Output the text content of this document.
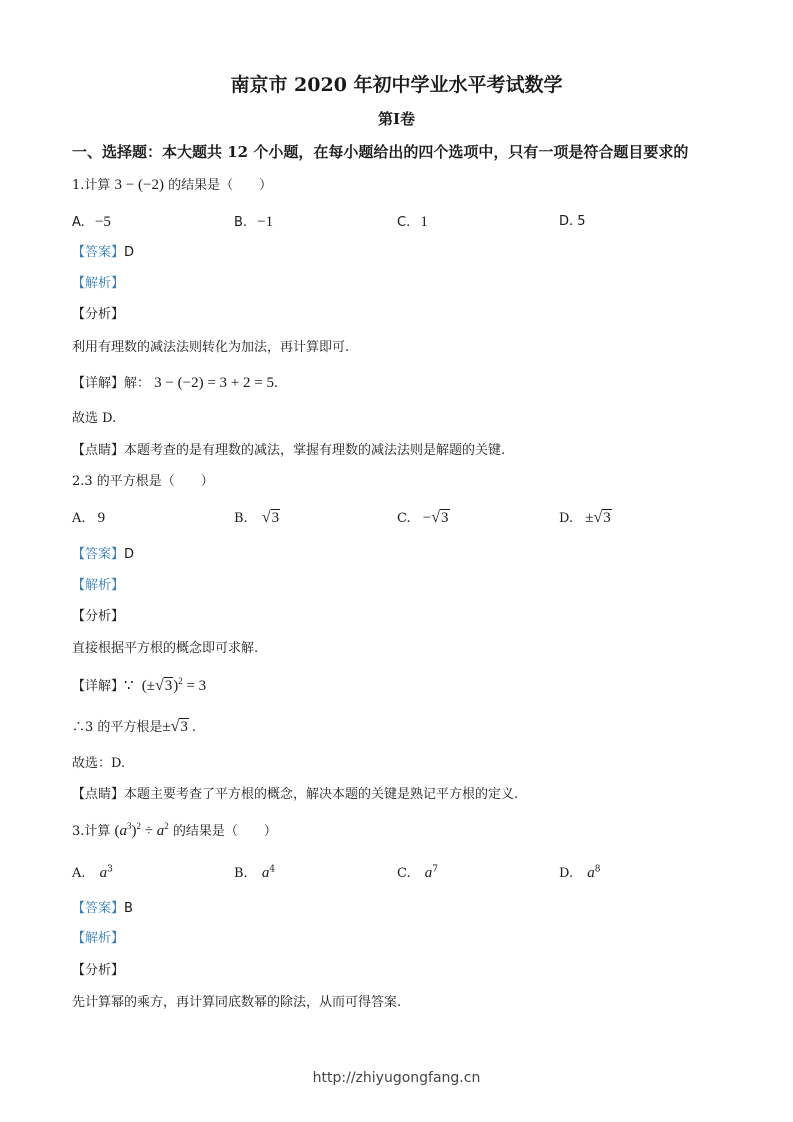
南京市 2020 年初中学业水平考试数学
第Ⅰ卷
一、选择题：本大题共 12 个小题，在每小题给出的四个选项中，只有一项是符合题目要求的
1.计算 3 − (−2) 的结果是（　　）
A. −5	B. −1	C. 1	D. 5
【答案】D
【解析】
【分析】
利用有理数的减法法则转化为加法，再计算即可.
【详解】解： 3 − (−2) = 3 + 2 = 5.
故选 D.
【点睛】本题考查的是有理数的减法，掌握有理数的减法法则是解题的关键.
2.3 的平方根是（　　）
A. 9	B. √3	C. −√3	D. ±√3
【答案】D
【解析】
【分析】
直接根据平方根的概念即可求解.
【详解】∵ $(\pm√3)^2 = 3$
∴3 的平方根是±√3 .
故选：D.
【点睛】本题主要考查了平方根的概念，解决本题的关键是熟记平方根的定义.
3.计算 $(a^3)^2 \div a^2$ 的结果是（　　）
A. $a^3$	B. $a^4$	C. $a^7$	D. $a^8$
【答案】B
【解析】
【分析】
先计算幂的乘方，再计算同底数幂的除法，从而可得答案.
http://zhiyugongfang.cn
